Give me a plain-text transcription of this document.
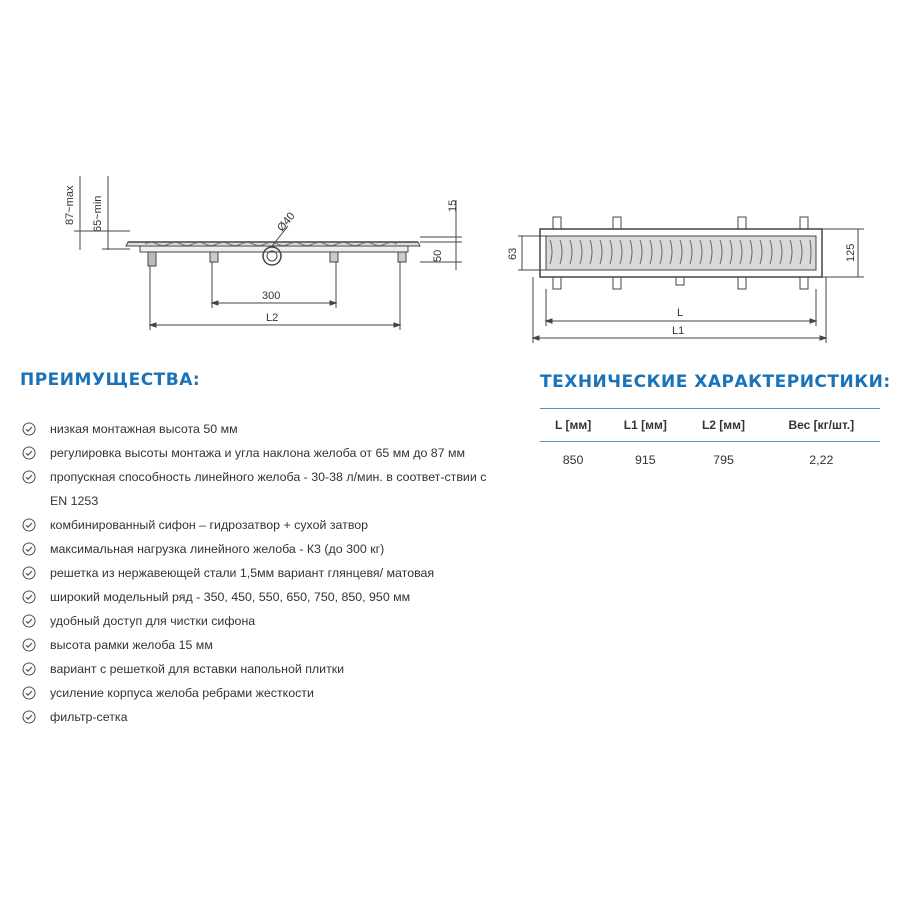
87~max 65~min	Ø40
15
50
300
L2
63	125
L
L1
ПРЕИМУЩЕСТВА:
низкая монтажная высота 50 мм
регулировка высоты монтажа и угла наклона желоба от 65 мм до 87 мм
пропускная способность линейного желоба - 30-38 л/мин. в соответ-ствии с EN 1253
комбинированный сифон – гидрозатвор + сухой затвор
максимальная нагрузка линейного желоба - К3 (до 300 кг)
решетка из нержавеющей стали 1,5мм вариант глянцевя/ матовая
широкий модельный ряд - 350, 450, 550, 650, 750, 850, 950 мм
удобный доступ для чистки сифона
высота рамки желоба 15 мм
вариант с решеткой для вставки напольной плитки
усиление корпуса желоба ребрами жесткости
фильтр-сетка
ТЕХНИЧЕСКИЕ ХАРАКТЕРИСТИКИ:
L [мм]	L1 [мм]	L2 [мм]	Вес [кг/шт.]
850	915	795	2,22
